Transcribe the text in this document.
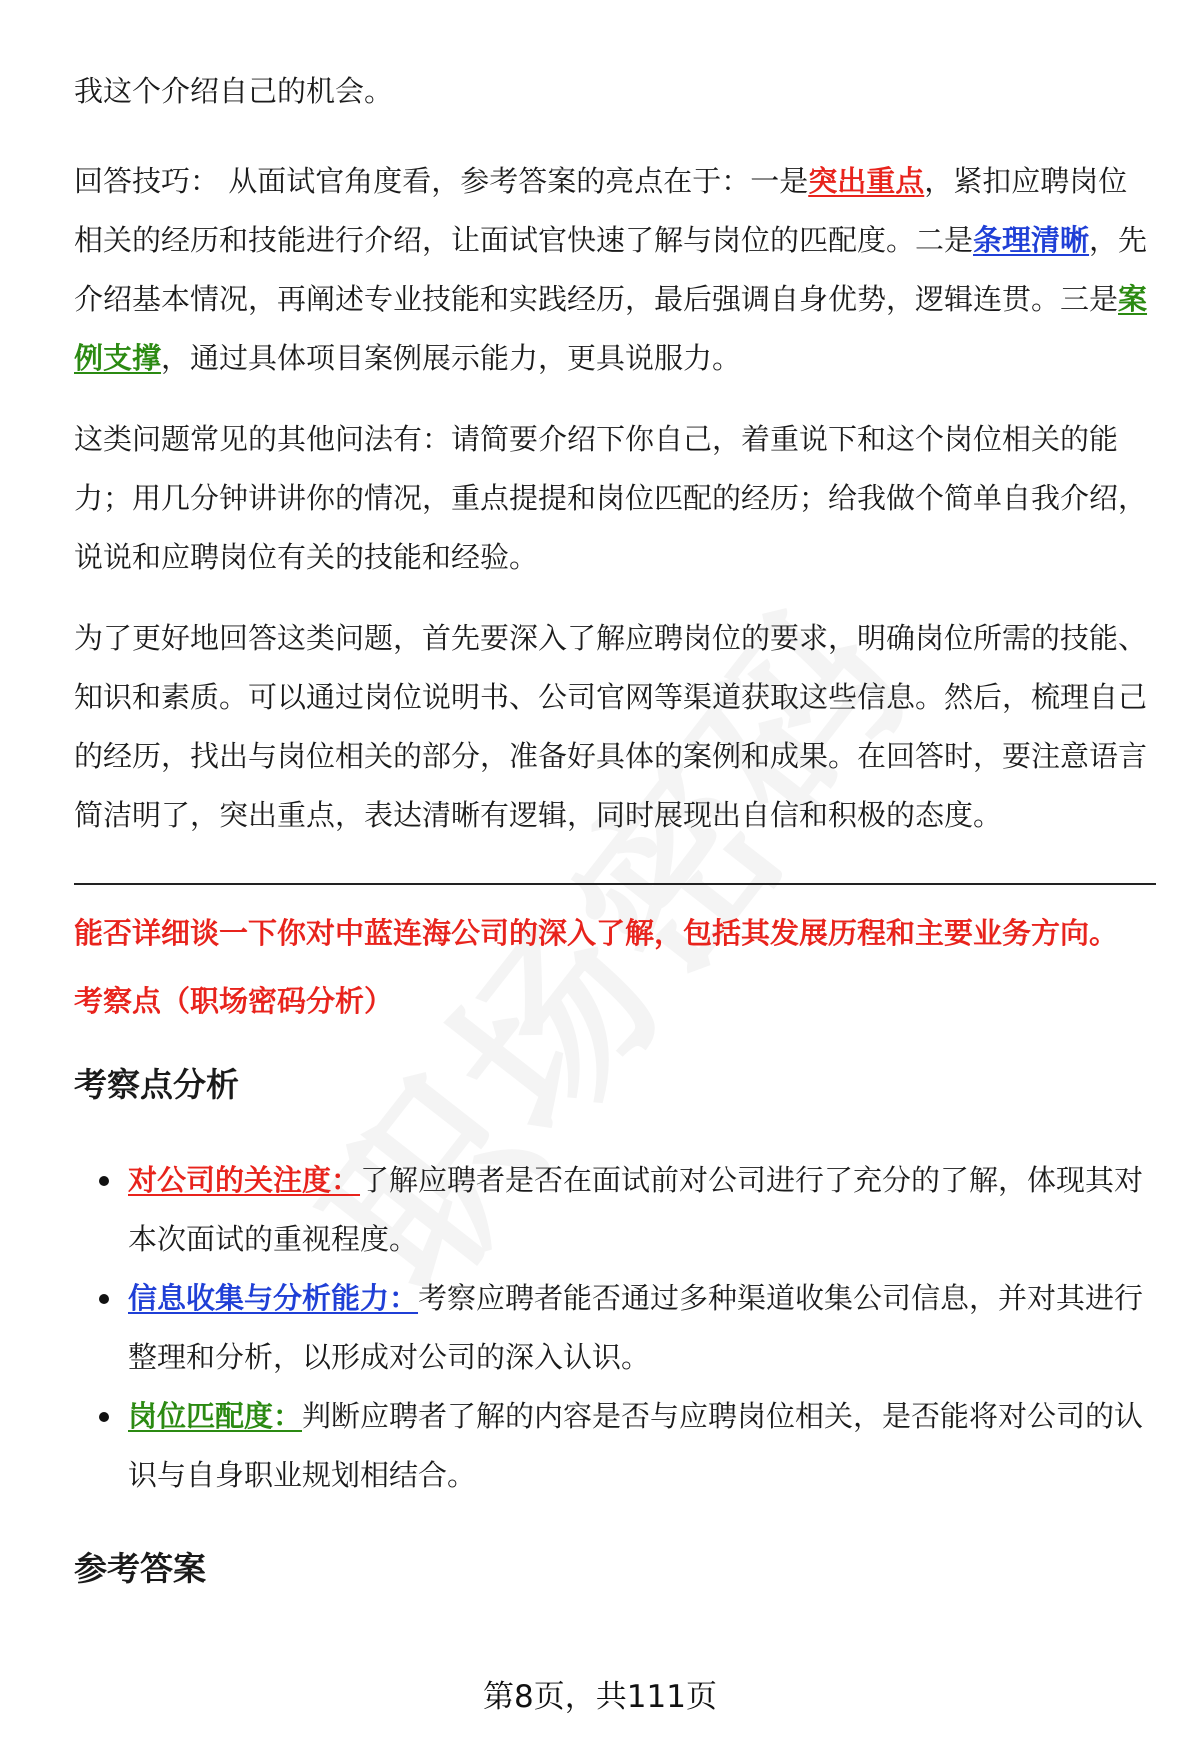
我这个介绍自己的机会。

回答技巧： 从面试官角度看，参考答案的亮点在于：一是突出重点，紧扣应聘岗位相关的经历和技能进行介绍，让面试官快速了解与岗位的匹配度。二是条理清晰，先介绍基本情况，再阐述专业技能和实践经历，最后强调自身优势，逻辑连贯。三是案例支撑，通过具体项目案例展示能力，更具说服力。

这类问题常见的其他问法有：请简要介绍下你自己，着重说下和这个岗位相关的能力；用几分钟讲讲你的情况，重点提提和岗位匹配的经历；给我做个简单自我介绍，说说和应聘岗位有关的技能和经验。

为了更好地回答这类问题，首先要深入了解应聘岗位的要求，明确岗位所需的技能、知识和素质。可以通过岗位说明书、公司官网等渠道获取这些信息。然后，梳理自己的经历，找出与岗位相关的部分，准备好具体的案例和成果。在回答时，要注意语言简洁明了，突出重点，表达清晰有逻辑，同时展现出自信和积极的态度。

能否详细谈一下你对中蓝连海公司的深入了解，包括其发展历程和主要业务方向。

考察点（职场密码分析）

考察点分析
对公司的关注度：了解应聘者是否在面试前对公司进行了充分的了解，体现其对本次面试的重视程度。
信息收集与分析能力：考察应聘者能否通过多种渠道收集公司信息，并对其进行整理和分析，以形成对公司的深入认识。
岗位匹配度：判断应聘者了解的内容是否与应聘岗位相关，是否能将对公司的认识与自身职业规划相结合。
参考答案
第8页，共111页
